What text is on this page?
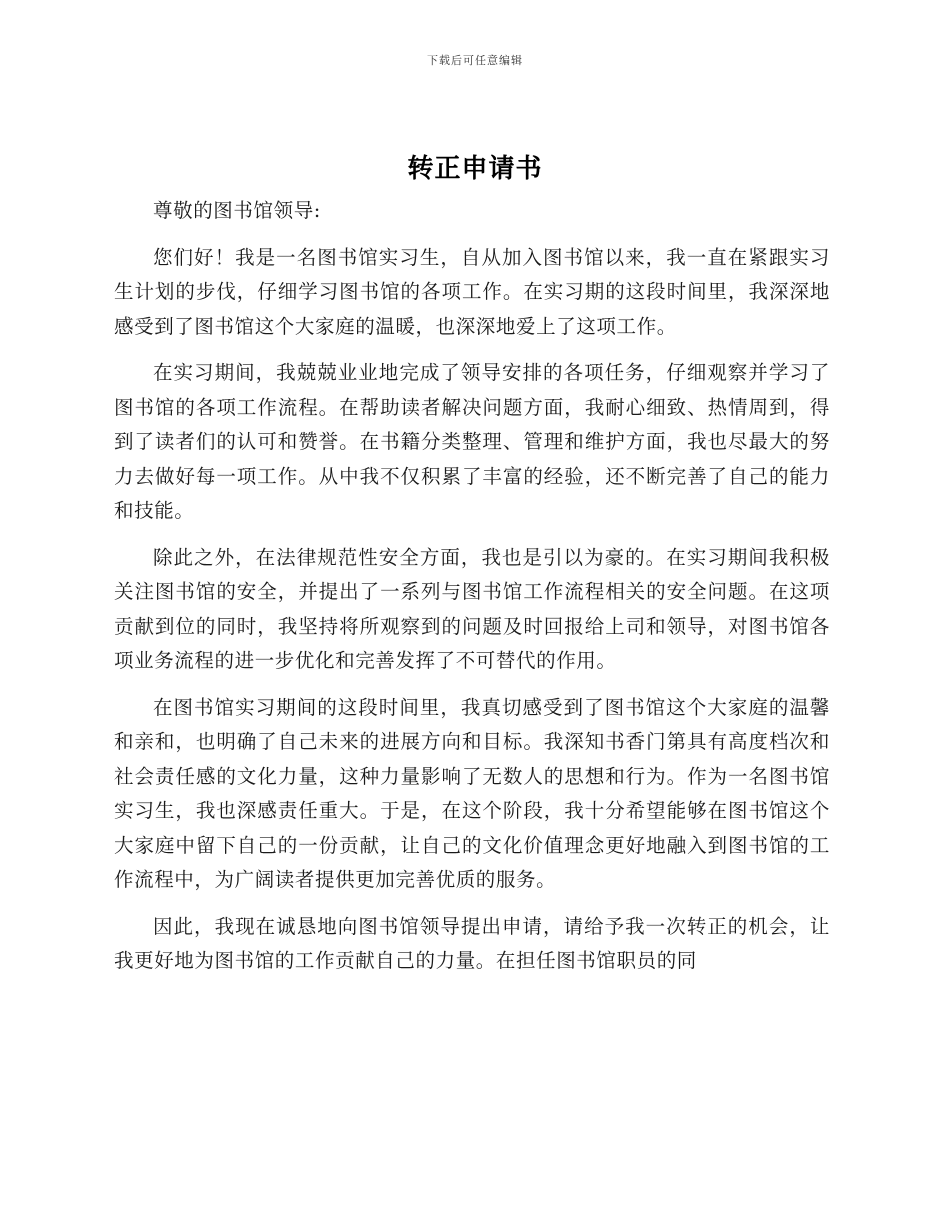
下载后可任意编辑
转正申请书

尊敬的图书馆领导:

您们好！我是一名图书馆实习生，自从加入图书馆以来，我一直在紧跟实习生计划的步伐，仔细学习图书馆的各项工作。在实习期的这段时间里，我深深地感受到了图书馆这个大家庭的温暖，也深深地爱上了这项工作。

在实习期间，我兢兢业业地完成了领导安排的各项任务，仔细观察并学习了图书馆的各项工作流程。在帮助读者解决问题方面，我耐心细致、热情周到，得到了读者们的认可和赞誉。在书籍分类整理、管理和维护方面，我也尽最大的努力去做好每一项工作。从中我不仅积累了丰富的经验，还不断完善了自己的能力和技能。

除此之外，在法律规范性安全方面，我也是引以为豪的。在实习期间我积极关注图书馆的安全，并提出了一系列与图书馆工作流程相关的安全问题。在这项贡献到位的同时，我坚持将所观察到的问题及时回报给上司和领导，对图书馆各项业务流程的进一步优化和完善发挥了不可替代的作用。

在图书馆实习期间的这段时间里，我真切感受到了图书馆这个大家庭的温馨和亲和，也明确了自己未来的进展方向和目标。我深知书香门第具有高度档次和社会责任感的文化力量，这种力量影响了无数人的思想和行为。作为一名图书馆实习生，我也深感责任重大。于是，在这个阶段，我十分希望能够在图书馆这个大家庭中留下自己的一份贡献，让自己的文化价值理念更好地融入到图书馆的工作流程中，为广阔读者提供更加完善优质的服务。

因此，我现在诚恳地向图书馆领导提出申请，请给予我一次转正的机会，让我更好地为图书馆的工作贡献自己的力量。在担任图书馆职员的同
